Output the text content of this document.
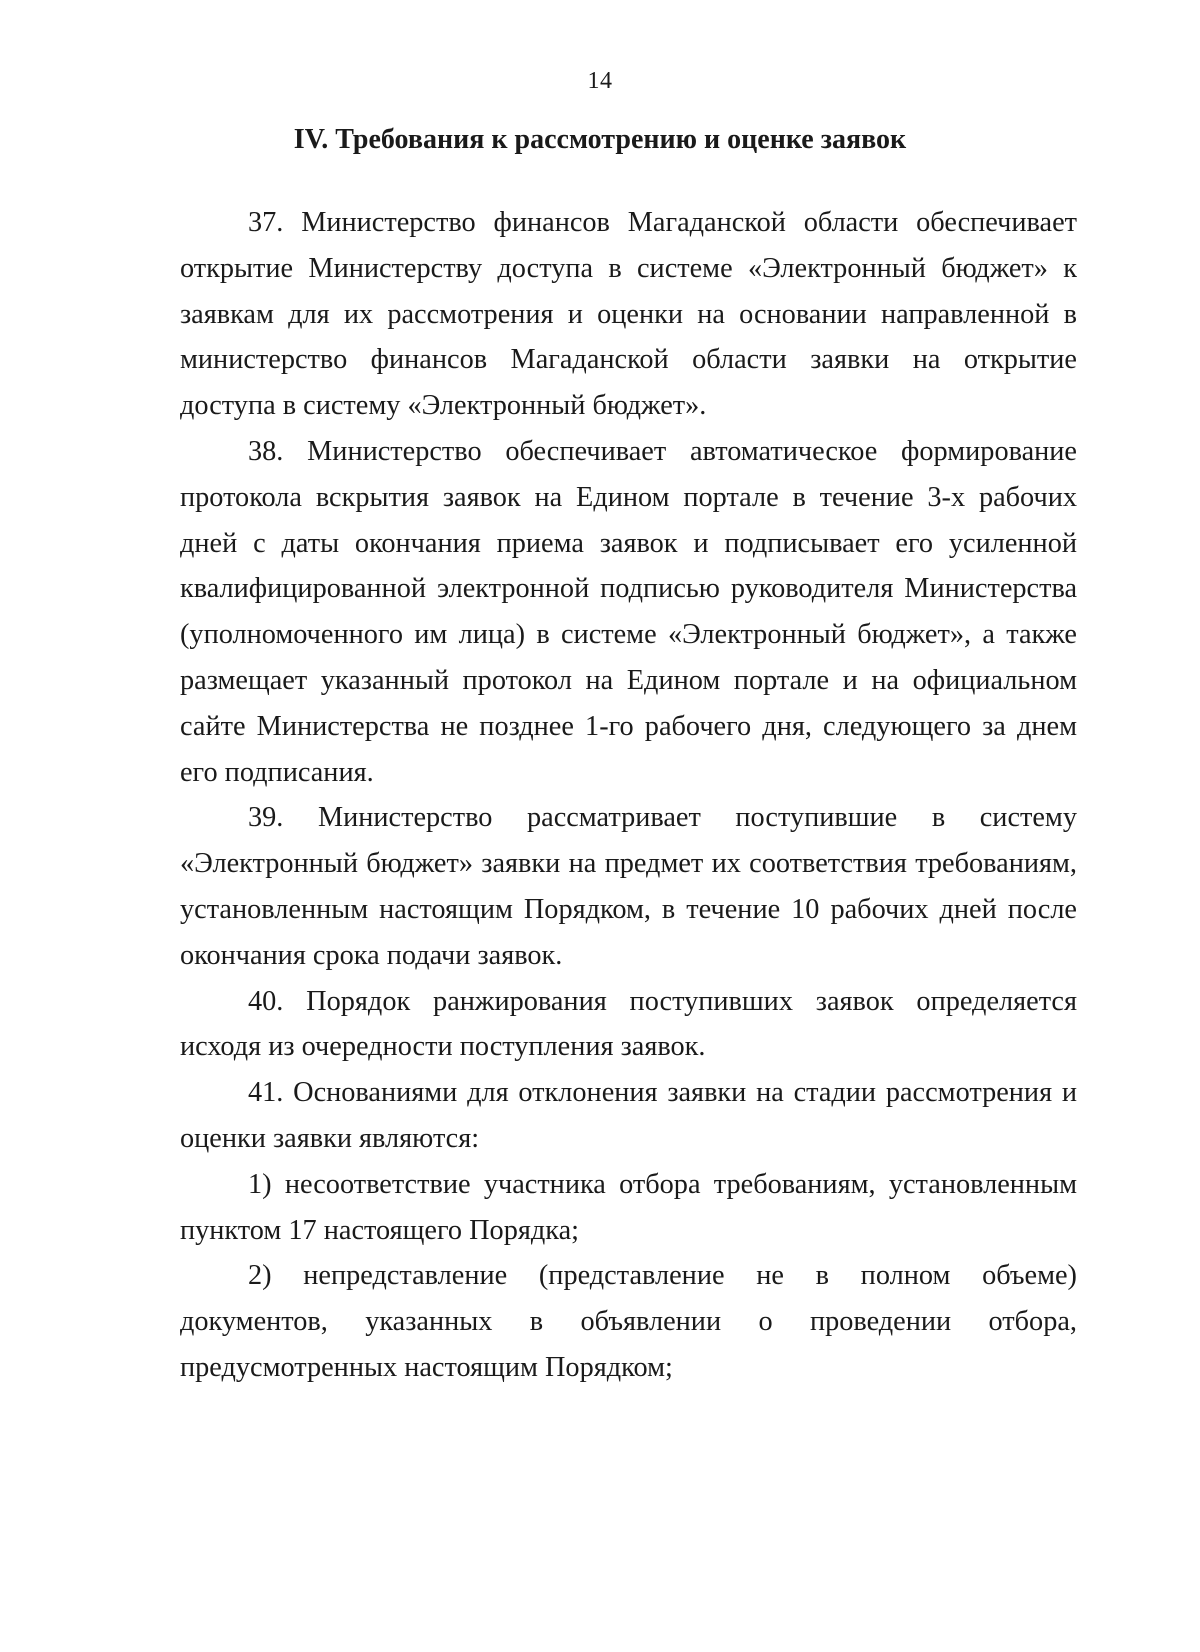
14
IV. Требования к рассмотрению и оценке заявок

37. Министерство финансов Магаданской области обеспечивает открытие Министерству доступа в системе «Электронный бюджет» к заявкам для их рассмотрения и оценки на основании направленной в министерство финансов Магаданской области заявки на открытие доступа в систему «Электронный бюджет».

38. Министерство обеспечивает автоматическое формирование протокола вскрытия заявок на Едином портале в течение 3-х рабочих дней с даты окончания приема заявок и подписывает его усиленной квалифицированной электронной подписью руководителя Министерства (уполномоченного им лица) в системе «Электронный бюджет», а также размещает указанный протокол на Едином портале и на официальном сайте Министерства не позднее 1-го рабочего дня, следующего за днем его подписания.

39. Министерство рассматривает поступившие в систему «Электронный бюджет» заявки на предмет их соответствия требованиям, установленным настоящим Порядком, в течение 10 рабочих дней после окончания срока подачи заявок.

40. Порядок ранжирования поступивших заявок определяется исходя из очередности поступления заявок.

41. Основаниями для отклонения заявки на стадии рассмотрения и оценки заявки являются:

1) несоответствие участника отбора требованиям, установленным пунктом 17 настоящего Порядка;

2) непредставление (представление не в полном объеме) документов, указанных в объявлении о проведении отбора, предусмотренных настоящим Порядком;
